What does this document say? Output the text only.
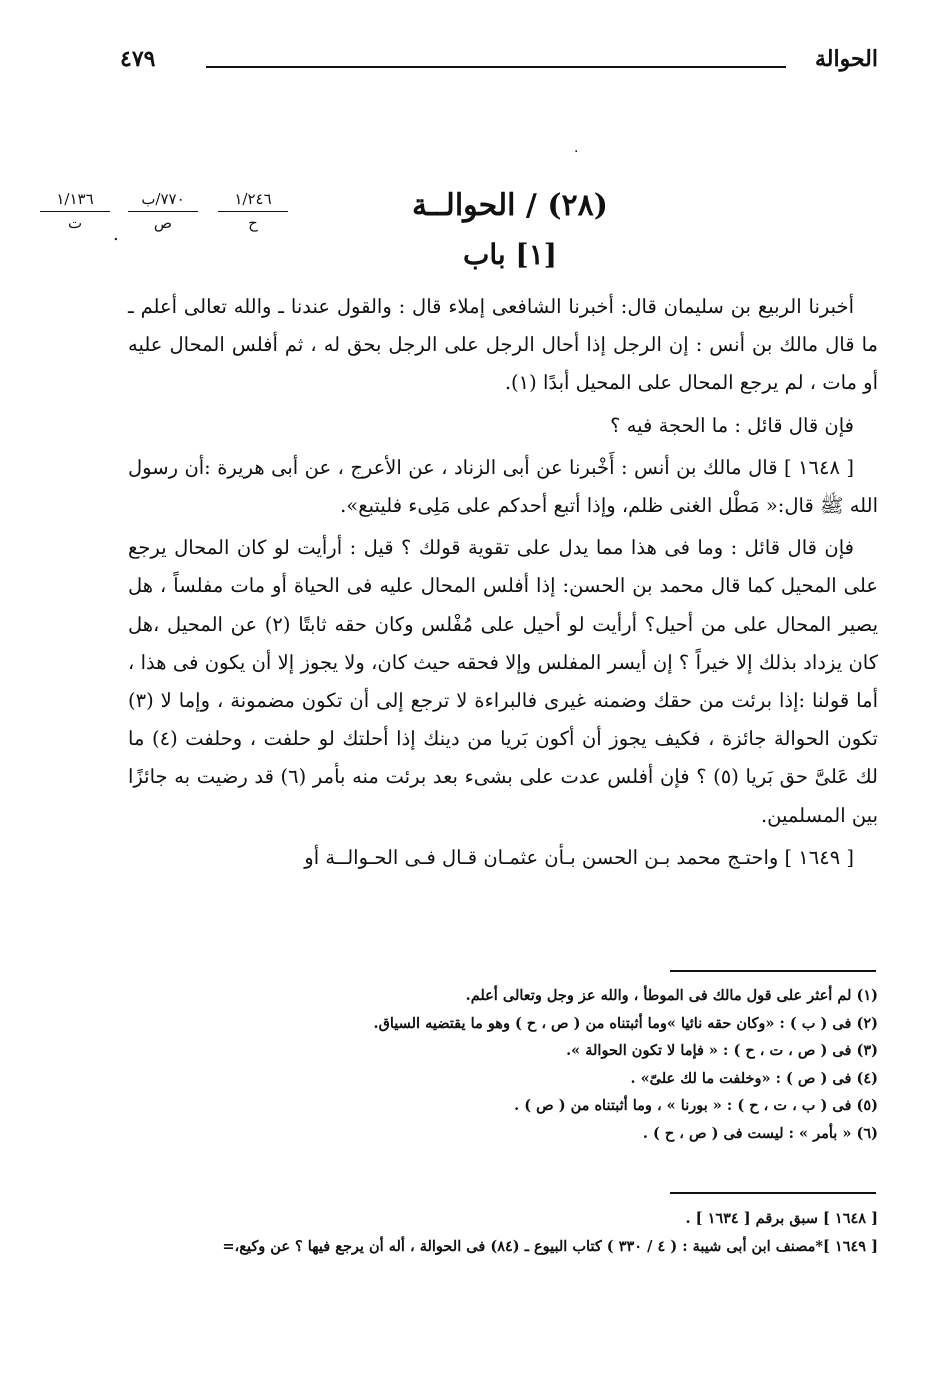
الحوالة
٤٧٩
.
١/٢٤٦
ح
٧٧٠/ب
ص
.
١/١٣٦
ت	(٢٨) / الحوالــة
[١] باب

أخبرنا الربيع بن سليمان قال: أخبرنا الشافعى إملاء قال : والقول عندنا ـ والله تعالى أعلم ـ ما قال مالك بن أنس : إن الرجل إذا أحال الرجل على الرجل بحق له ، ثم أفلس المحال عليه أو مات ، لم يرجع المحال على المحيل أبدًا (١).

فإن قال قائل : ما الحجة فيه ؟

[ ١٦٤٨ ] قال مالك بن أنس : أَخْبرنا عن أبى الزناد ، عن الأعرج ، عن أبى هريرة :أن رسول الله ﷺ قال:« مَطْل الغنى ظلم، وإذا أتبع أحدكم على مَلِىء فليتبع».

فإن قال قائل : وما فى هذا مما يدل على تقوية قولك ؟ قيل : أرأيت لو كان المحال يرجع على المحيل كما قال محمد بن الحسن: إذا أفلس المحال عليه فى الحياة أو مات مفلساً ، هل يصير المحال على من أحيل؟ أرأيت لو أحيل على مُفْلس وكان حقه ثابتًا (٢) عن المحيل ،هل كان يزداد بذلك إلا خيراً ؟ إن أيسر المفلس وإلا فحقه حيث كان، ولا يجوز إلا أن يكون فى هذا ، أما قولنا :إذا برئت من حقك وضمنه غيرى فالبراءة لا ترجع إلى أن تكون مضمونة ، وإما لا (٣) تكون الحوالة جائزة ، فكيف يجوز أن أكون بَريا من دينك إذا أحلتك لو حلفت ، وحلفت (٤) ما لك عَلىَّ حق بَريا (٥) ؟ فإن أفلس عدت على بشىء بعد برئت منه بأمر (٦) قد رضيت به جائزًا بين المسلمين.

[ ١٦٤٩ ] واحتـج محمد بـن الحسن بـأن عثمـان قـال فـى الحـوالــة أو

(١) لم أعثر على قول مالك فى الموطأ ، والله عز وجل وتعالى أعلم.
(٢) فى ( ب ) : «وكان حقه نائيا »وما أثبتناه من ( ص ، ح ) وهو ما يقتضيه السياق.
(٣) فى ( ص ، ت ، ح ) : « فإما لا تكون الحوالة ».
(٤) فى ( ص ) : «وخلفت ما لك علىّ» .
(٥) فى ( ب ، ت ، ح ) : « بورنا » ، وما أثبتناه من ( ص ) .
(٦) « بأمر » : ليست فى ( ص ، ح ) .
[ ١٦٤٨ ] سبق برقم [ ١٦٣٤ ] .
[ ١٦٤٩ ]*مصنف ابن أبى شيبة : ( ٤ / ٣٣٠ ) كتاب البيوع ـ (٨٤) فى الحوالة ، أله أن يرجع فيها ؟ عن وكيع،=
